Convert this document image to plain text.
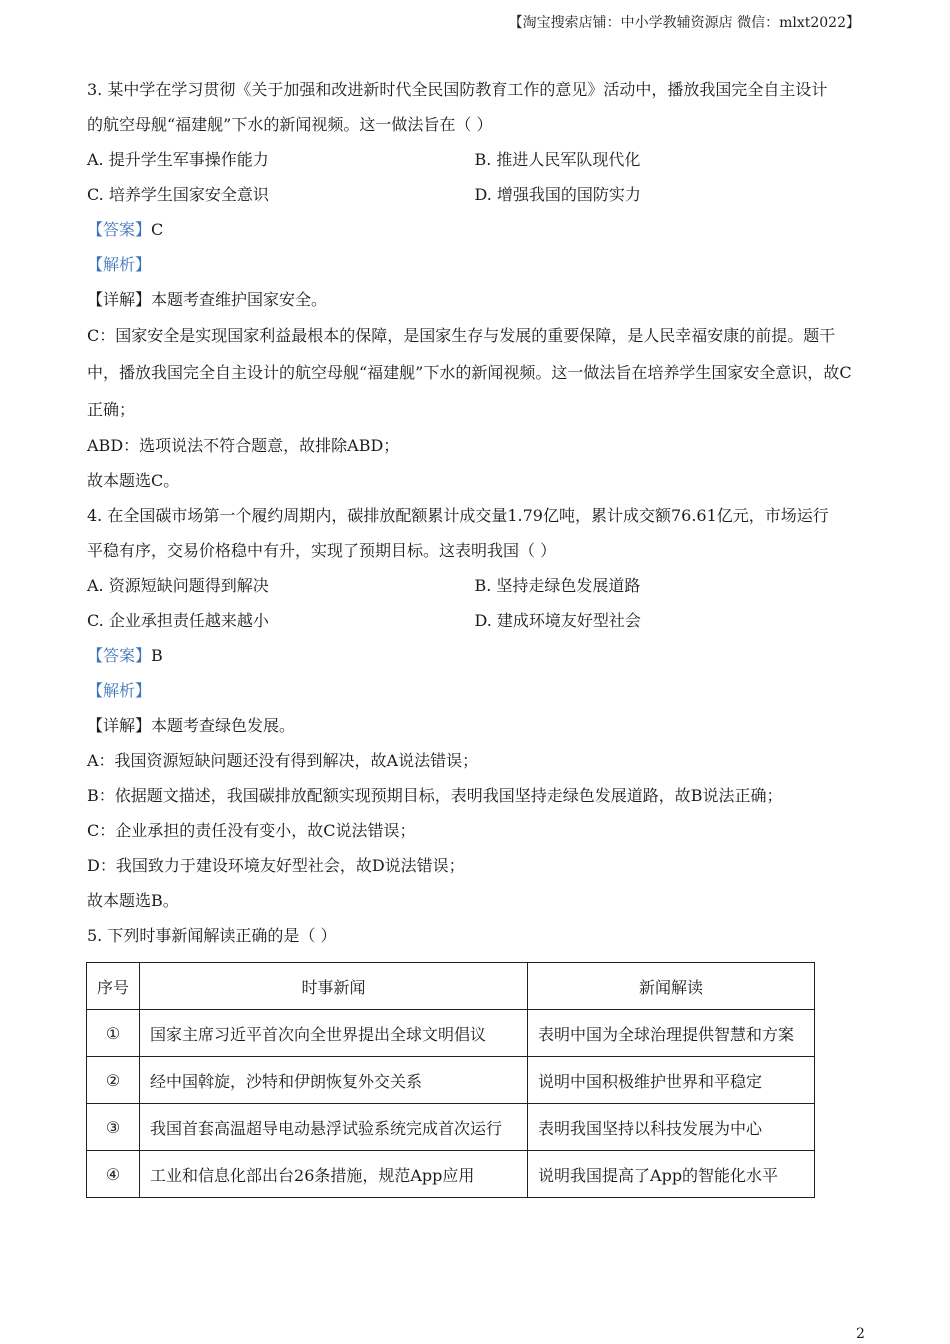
【淘宝搜索店铺：中小学教辅资源店 微信：mlxt2022】
3. 某中学在学习贯彻《关于加强和改进新时代全民国防教育工作的意见》活动中，播放我国完全自主设计
的航空母舰“福建舰”下水的新闻视频。这一做法旨在（ ）
A. 提升学生军事操作能力	B. 推进人民军队现代化
C. 培养学生国家安全意识	D. 增强我国的国防实力
【答案】C
【解析】
【详解】本题考查维护国家安全。
C：国家安全是实现国家利益最根本的保障，是国家生存与发展的重要保障，是人民幸福安康的前提。题干中，播放我国完全自主设计的航空母舰“福建舰”下水的新闻视频。这一做法旨在培养学生国家安全意识，故C正确；
ABD：选项说法不符合题意，故排除ABD；
故本题选C。
4. 在全国碳市场第一个履约周期内，碳排放配额累计成交量1.79亿吨，累计成交额76.61亿元，市场运行
平稳有序，交易价格稳中有升，实现了预期目标。这表明我国（ ）
A. 资源短缺问题得到解决	B. 坚持走绿色发展道路
C. 企业承担责任越来越小	D. 建成环境友好型社会
【答案】B
【解析】
【详解】本题考查绿色发展。
A：我国资源短缺问题还没有得到解决，故A说法错误；
B：依据题文描述，我国碳排放配额实现预期目标，表明我国坚持走绿色发展道路，故B说法正确；
C：企业承担的责任没有变小，故C说法错误；
D：我国致力于建设环境友好型社会，故D说法错误；
故本题选B。
5. 下列时事新闻解读正确的是（ ）
序号	时事新闻	新闻解读
①	国家主席习近平首次向全世界提出全球文明倡议	表明中国为全球治理提供智慧和方案
②	经中国斡旋，沙特和伊朗恢复外交关系	说明中国积极维护世界和平稳定
③	我国首套高温超导电动悬浮试验系统完成首次运行	表明我国坚持以科技发展为中心
④	工业和信息化部出台26条措施，规范App应用	说明我国提高了App的智能化水平
2
